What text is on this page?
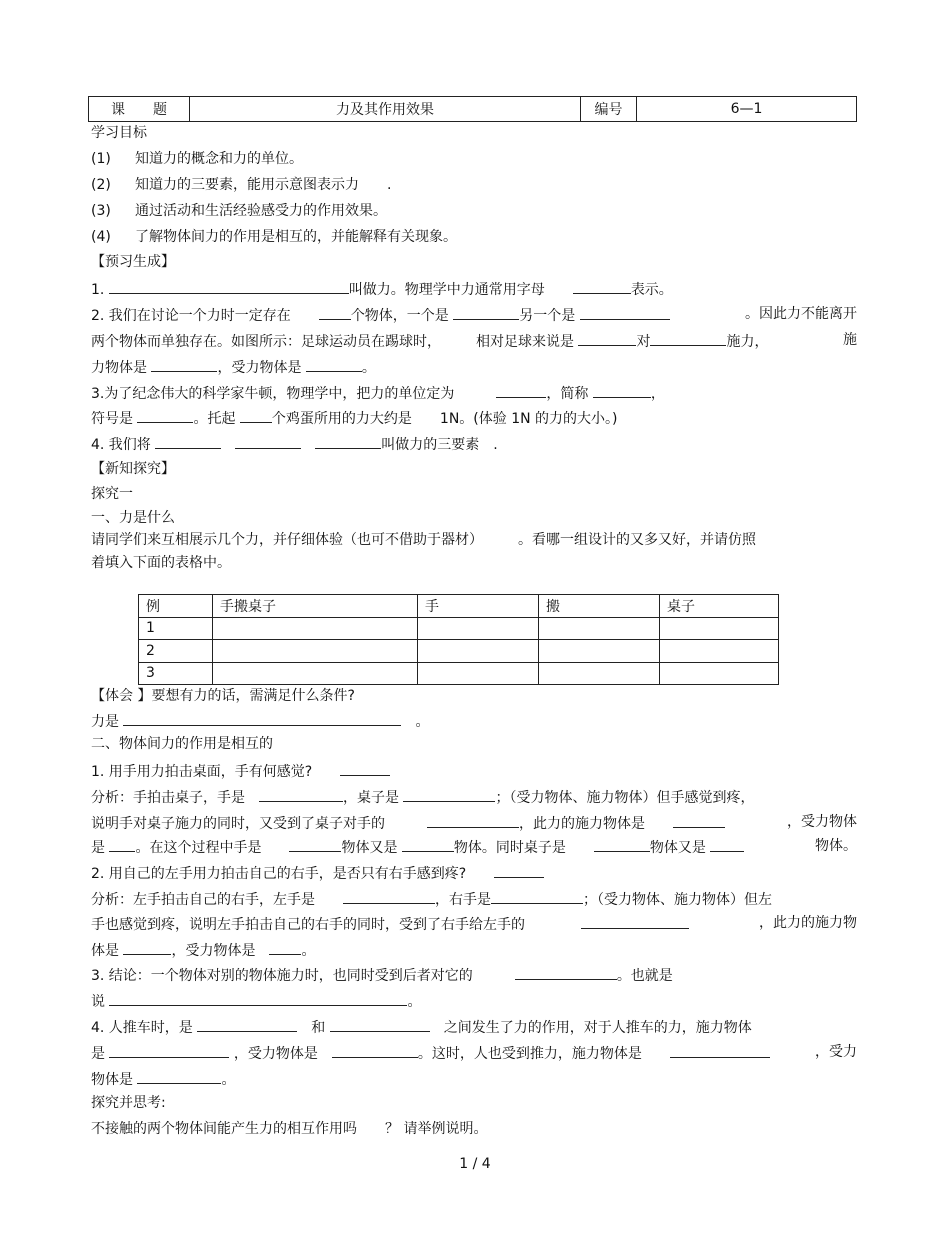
课　　题	力及其作用效果	编号	6—1
学习目标
(1) 知道力的概念和力的单位。
(2) 知道力的三要素，能用示意图表示力　　.
(3) 通过活动和生活经验感受力的作用效果。
(4) 了解物体间力的作用是相互的，并能解释有关现象。
【预习生成】
1.	叫做力。物理学中力通常用字母　　	表示。
2. 我们在讨论一个力时一定存在　　	个物体，一个是	另一个是	。因此力不能离开
两个物体而单独存在。如图所示：足球运动员在踢球时，　　　	相对足球来说是	对	施力，	施
力物体是	，受力物体是	。
3.为了纪念伟大的科学家牛顿，物理学中，把力的单位定为　　　	，简称	，
符号是	。托起	个鸡蛋所用的力大约是　　 1N。(体验 1N 的力的大小。)
4. 我们将 　　	叫做力的三要素　.
【新知探究】
探究一
一、力是什么
请同学们来互相展示几个力，并仔细体验（也可不借助于器材）　　　	。看哪一组设计的又多又好，并请仿照
着填入下面的表格中。
例	手搬桌子	手	搬	桌子
1				
2				
3				
【体会 】要想有力的话，需满足什么条件?
力是 　	。
二、物体间力的作用是相互的
1. 用手用力拍击桌面，手有何感觉?　　
分析：手拍击桌子，手是　	，桌子是	；（受力物体、施力物体）但手感觉到疼，
说明手对桌子施力的同时，又受到了桌子对手的　　　	，此力的施力物体是　　	，受力物体
是 。在这个过程中手是　　	物体又是	物体。同时桌子是　　	物体又是	物体。
2. 用自己的左手用力拍击自己的右手，是否只有右手感到疼?　　
分析：左手拍击自己的右手，左手是　　	，右手是	；（受力物体、施力物体）但左
手也感觉到疼，说明左手拍击自己的右手的同时，受到了右手给左手的　　　　	，此力的施力物
体是	，受力物体是　	。
3. 结论：一个物体对别的物体施力时，也同时受到后者对它的　　　	。也就是
说	。
4. 人推车时，是 　	和 　	之间发生了力的作用，对于人推车的力，施力物体
是	，受力物体是　	。这时，人也受到推力，施力物体是　　	，受力
物体是	。
探究并思考:
不接触的两个物体间能产生力的相互作用吗　　？ 请举例说明。
1 / 4
